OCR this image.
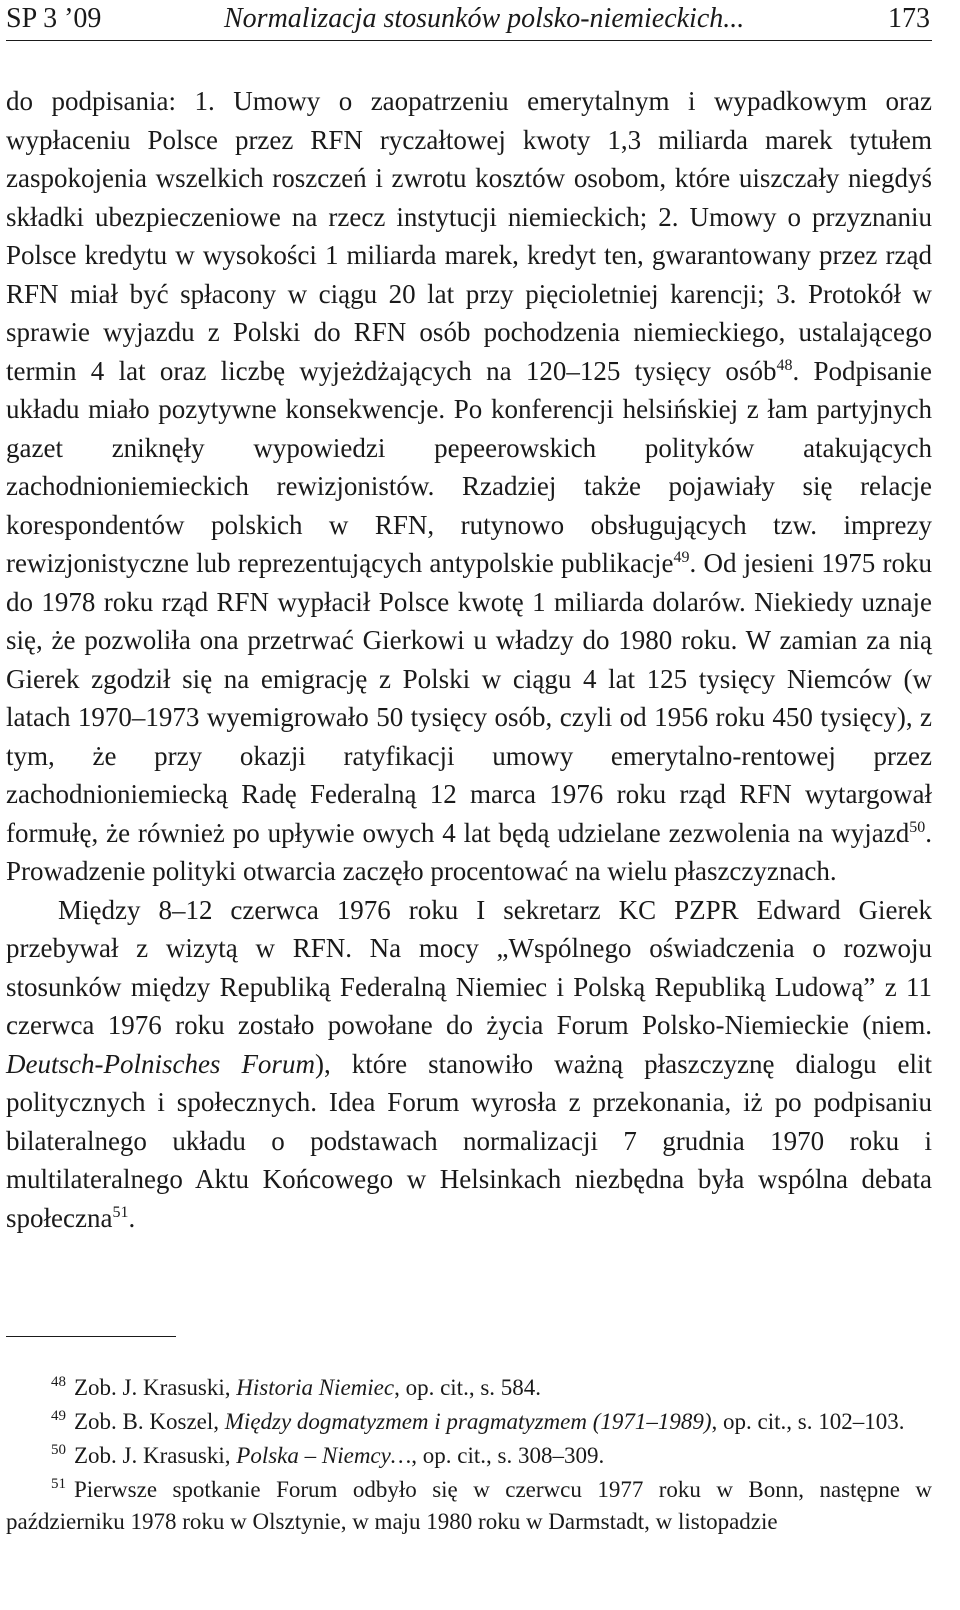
SP 3 ’09	Normalizacja stosunków polsko-niemieckich...	173

do podpisania: 1. Umowy o zaopatrzeniu emerytalnym i wypadkowym oraz wypłaceniu Polsce przez RFN ryczałtowej kwoty 1,3 miliarda marek tytułem zaspokojenia wszelkich roszczeń i zwrotu kosztów osobom, które uiszczały niegdyś składki ubezpieczeniowe na rzecz instytucji niemieckich; 2. Umowy o przyznaniu Polsce kredytu w wysokości 1 miliarda marek, kredyt ten, gwarantowany przez rząd RFN miał być spłacony w ciągu 20 lat przy pięcioletniej karencji; 3. Protokół w sprawie wyjazdu z Polski do RFN osób pochodzenia niemieckiego, ustalającego termin 4 lat oraz liczbę wyjeżdżających na 120–125 tysięcy osób$^{48}$. Podpisanie układu miało pozytywne konsekwencje. Po konferencji helsińskiej z łam partyjnych gazet zniknęły wypowiedzi pepeerowskich polityków atakujących zachodnioniemieckich rewizjonistów. Rzadziej także pojawiały się relacje korespondentów polskich w RFN, rutynowo obsługujących tzw. imprezy rewizjonistyczne lub reprezentujących antypolskie publikacje$^{49}$. Od jesieni 1975 roku do 1978 roku rząd RFN wypłacił Polsce kwotę 1 miliarda dolarów. Niekiedy uznaje się, że pozwoliła ona przetrwać Gierkowi u władzy do 1980 roku. W zamian za nią Gierek zgodził się na emigrację z Polski w ciągu 4 lat 125 tysięcy Niemców (w latach 1970–1973 wyemigrowało 50 tysięcy osób, czyli od 1956 roku 450 tysięcy), z tym, że przy okazji ratyfikacji umowy emerytalno-rentowej przez zachodnioniemiecką Radę Federalną 12 marca 1976 roku rząd RFN wytargował formułę, że również po upływie owych 4 lat będą udzielane zezwolenia na wyjazd$^{50}$. Prowadzenie polityki otwarcia zaczęło procentować na wielu płaszczyznach.

Między 8–12 czerwca 1976 roku I sekretarz KC PZPR Edward Gierek przebywał z wizytą w RFN. Na mocy „Wspólnego oświadczenia o rozwoju stosunków między Republiką Federalną Niemiec i Polską Republiką Ludową” z 11 czerwca 1976 roku zostało powołane do życia Forum Polsko-Niemieckie (niem. Deutsch-Polnisches Forum), które stanowiło ważną płaszczyznę dialogu elit politycznych i społecznych. Idea Forum wyrosła z przekonania, iż po podpisaniu bilateralnego układu o podstawach normalizacji 7 grudnia 1970 roku i multilateralnego Aktu Końcowego w Helsinkach niezbędna była wspólna debata społeczna$^{51}$.

48 Zob. J. Krasuski, Historia Niemiec, op. cit., s. 584.

49 Zob. B. Koszel, Między dogmatyzmem i pragmatyzmem (1971–1989), op. cit., s. 102–103.

50 Zob. J. Krasuski, Polska – Niemcy…, op. cit., s. 308–309.

51 Pierwsze spotkanie Forum odbyło się w czerwcu 1977 roku w Bonn, następne w październiku 1978 roku w Olsztynie, w maju 1980 roku w Darmstadt, w listopadzie
